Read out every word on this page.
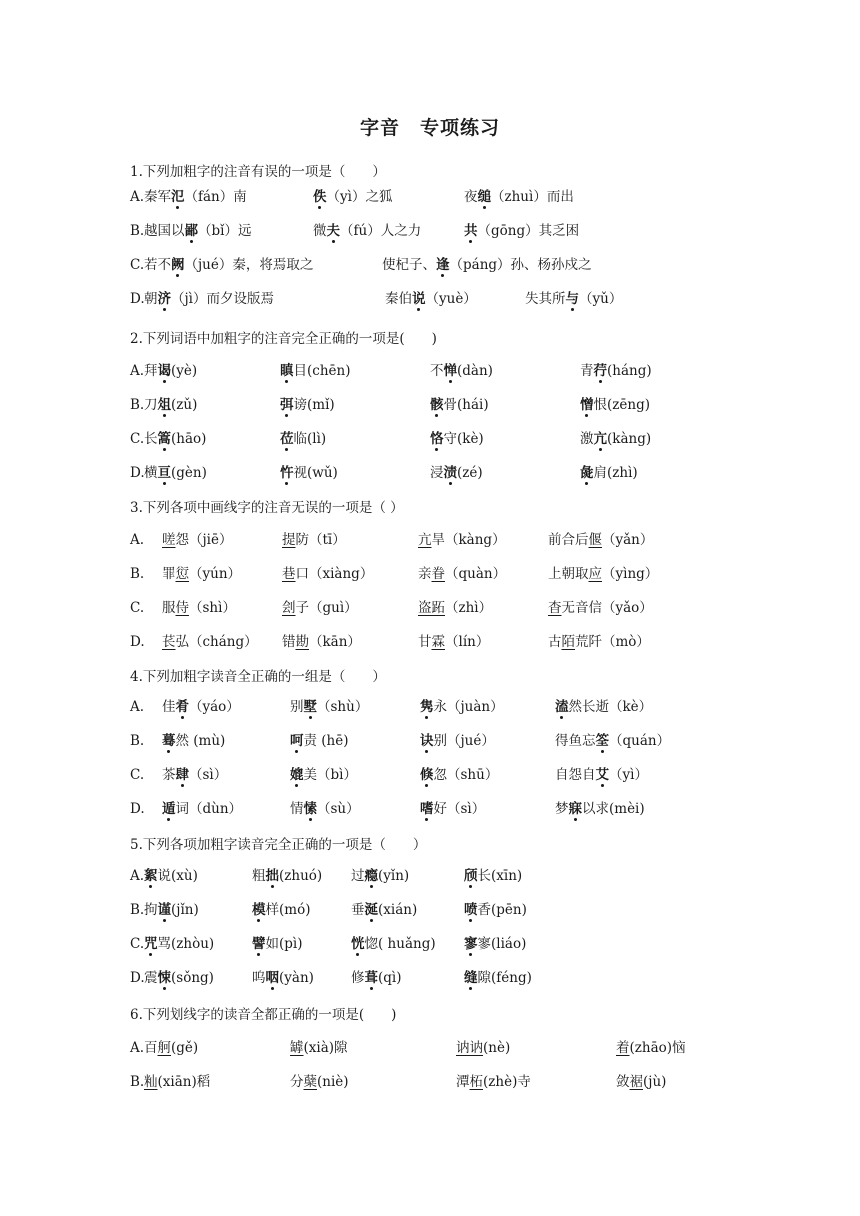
字音　专项练习
1.下列加粗字的注音有误的一项是（　　）
A. 秦军氾（fán）南	佚（yì）之狐	夜缒（zhuì）而出
B. 越国以鄙（bǐ）远	微夫（fú）人之力	共（gōng）其乏困
C. 若不阙（jué）秦，将焉取之	使杞子、逢（páng）孙、杨孙戍之
D. 朝济（jì）而夕设版焉	秦伯说（yuè）	失其所与（yǔ）
2.下列词语中加粗字的注音完全正确的一项是(　　)
A. 拜谒(yè)	瞋目(chēn)	不惮(dàn)	青荇(háng)
B. 刀俎(zǔ)	弭谤(mǐ)	骸骨(hái)	憎恨(zēng)
C. 长篙(hāo)	莅临(lì)	恪守(kè)	激亢(kàng)
D. 横亘(gèn)	忤视(wǔ)	浸渍(zé)	彘肩(zhì)
3.下列各项中画线字的注音无误的一项是（ ）
A. 嗟怨（jiē）	提防（tī）	亢旱（kàng）	前合后偃（yǎn）
B. 罪愆（yún）	巷口（xiàng）	亲眷（quàn）	上朝取应（yìng）
C. 服侍（shì）	刽子（guì）	盗跖（zhì）	杳无音信（yǎo）
D. 苌弘（cháng） 错勘（kān）	甘霖（lín）	古陌荒阡（mò）
4.下列加粗字读音全正确的一组是（　　）
A. 佳肴（yáo）	别墅（shù）	隽永（juàn）	溘然长逝（kè）
B. 蓦然 (mù)	呵责 (hē)	诀别（jué）	得鱼忘筌（quán）
C. 茶肆（sì）	媲美（bì）	倏忽（shū）	自怨自艾（yì）
D. 遁词（dùn）	情愫（sù）	嗜好（sì）	梦寐以求(mèi)
5.下列各项加粗字读音完全正确的一项是（　　）
A. 絮说(xù)	粗拙(zhuó) 过瘾(yǐn)	颀长(xīn)
B. 拘谨(jǐn)	模样(mó)	垂涎(xián)	喷香(pēn)
C. 咒骂(zhòu)	譬如(pì)	恍惚( huǎng) 寥寥(liáo)
D. 震悚(sǒng)	呜咽(yàn)	修葺(qì)	缝隙(féng)
6.下列划线字的读音全都正确的一项是(　　)
A. 百舸(gě)	罅(xià)隙	讷讷(nè)	着(zhāo)恼
B. 籼(xiān)稻	分蘖(niè)	潭柘(zhè)寺	敛裾(jù)
